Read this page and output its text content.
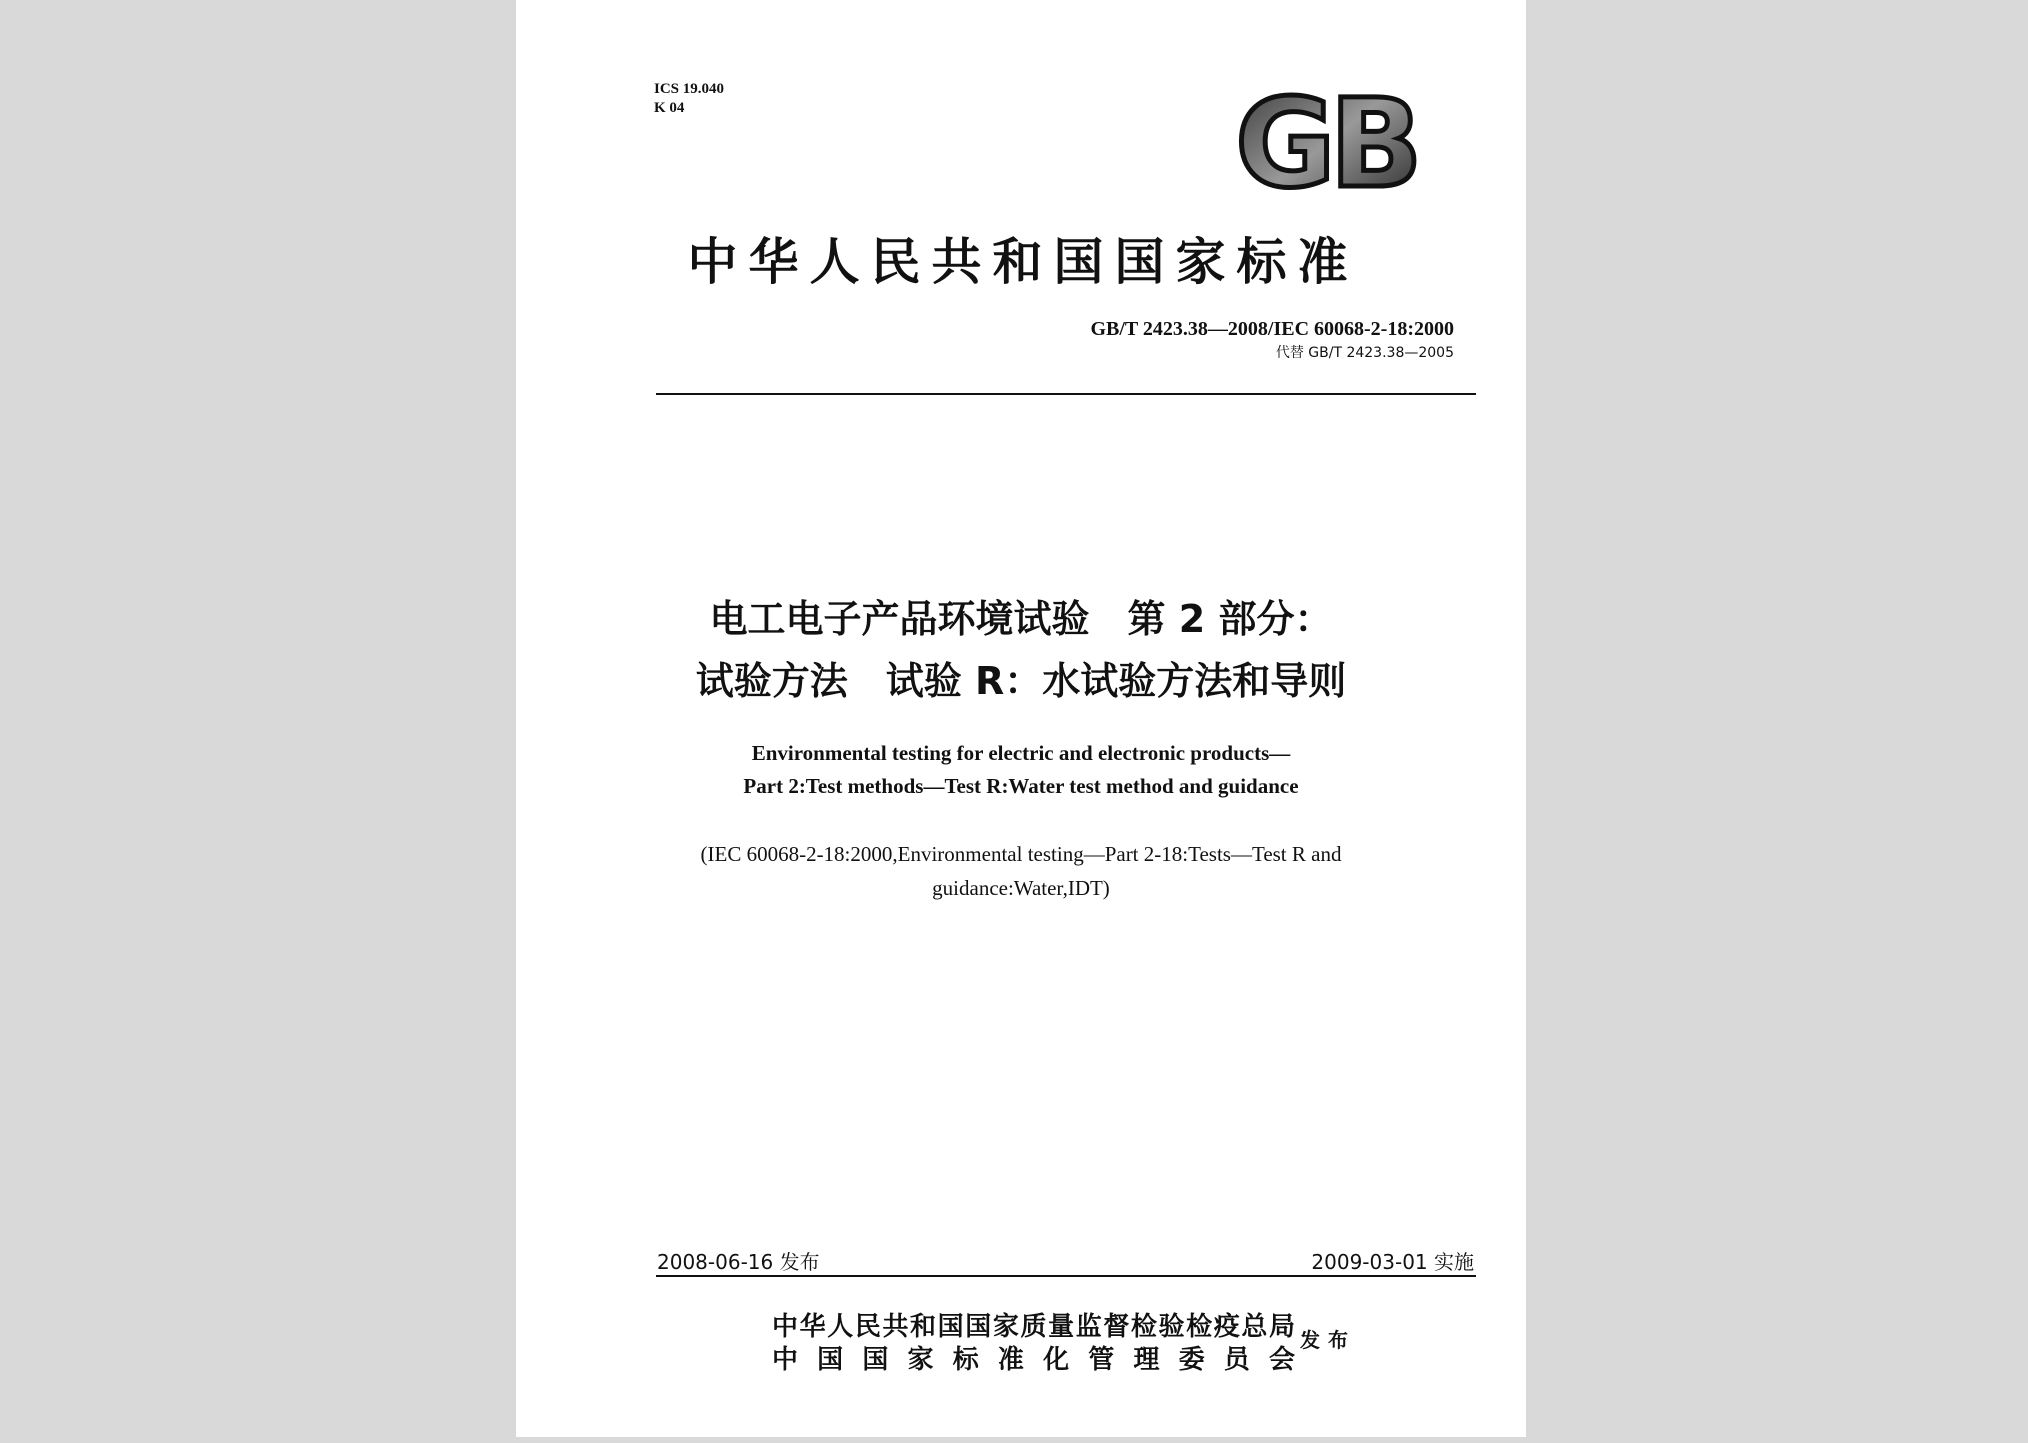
ICS 19.040
K 04	GB
中华人民共和国国家标准
GB/T 2423.38—2008/IEC 60068-2-18:2000
代替 GB/T 2423.38—2005
电工电子产品环境试验　第 2 部分：
试验方法　试验 R：水试验方法和导则
Environmental testing for electric and electronic products—
Part 2:Test methods—Test R:Water test method and guidance
(IEC 60068-2-18:2000,Environmental testing—Part 2-18:Tests—Test R and
guidance:Water,IDT)
2008-06-16 发布	2009-03-01 实施
中华人民共和国国家质量监督检验检疫总局
中国国家标准化管理委员会
发布
